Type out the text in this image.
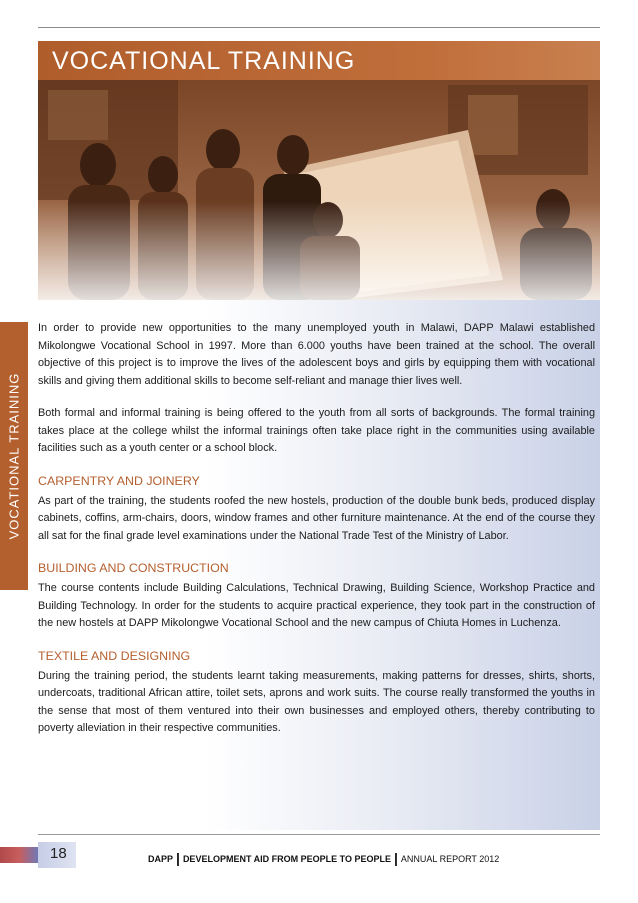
VOCATIONAL TRAINING
VOCATIONAL TRAINING

In order to provide new opportunities to the many unemployed youth in Malawi, DAPP Malawi established Mikolongwe Vocational School in 1997. More than 6.000 youths have been trained at the school. The overall objective of this project is to improve the lives of the adolescent boys and girls by equipping them with vocational skills and giving them additional skills to become self-reliant and manage thier lives well.

Both formal and informal training is being offered to the youth from all sorts of backgrounds. The formal training takes place at the college whilst the informal trainings often take place right in the communities using available facilities such as a youth center or a school block.

CARPENTRY AND JOINERY

As part of the training, the students roofed the new hostels, production of the double bunk beds, produced display cabinets, coffins, arm-chairs, doors, window frames and other furniture maintenance. At the end of the course they all sat for the final grade level examinations under the National Trade Test of the Ministry of Labor.

BUILDING AND CONSTRUCTION

The course contents include Building Calculations, Technical Drawing, Building Science, Workshop Practice and Building Technology. In order for the students to acquire practical experience, they took part in the construction of the new hostels at DAPP Mikolongwe Vocational School and the new campus of Chiuta Homes in Luchenza.

TEXTILE AND DESIGNING

During the training period, the students learnt taking measurements, making patterns for dresses, shirts, shorts, undercoats, traditional African attire, toilet sets, aprons and work suits. The course really transformed the youths in the sense that most of them ventured into their own businesses and employed others, thereby contributing to poverty alleviation in their respective communities.

18	DAPP | DEVELOPMENT AID FROM PEOPLE TO PEOPLE | ANNUAL REPORT 2012
